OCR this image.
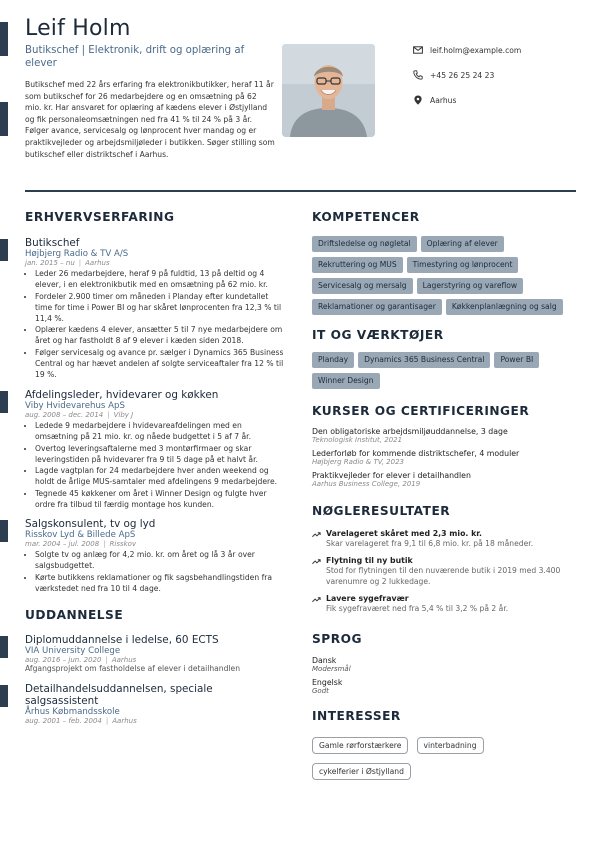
Leif Holm
Butikschef | Elektronik, drift og oplæring af elever
Butikschef med 22 års erfaring fra elektronikbutikker, heraf 11 år som butikschef for 26 medarbejdere og en omsætning på 62 mio. kr. Har ansvaret for oplæring af kædens elever i Østjylland og fik personaleomsætningen ned fra 41 % til 24 % på 3 år. Følger avance, servicesalg og lønprocent hver mandag og er praktikvejleder og arbejdsmiljøleder i butikken. Søger stilling som butikschef eller distriktschef i Aarhus.
leif.holm@example.com
+45 26 25 24 23
Aarhus
ERHVERVSERFARING
Butikschef
Højbjerg Radio & TV A/S
jan. 2015 – nu | Aarhus
• Leder 26 medarbejdere, heraf 9 på fuldtid, 13 på deltid og 4 elever, i en elektronikbutik med en omsætning på 62 mio. kr.
• Fordeler 2.900 timer om måneden i Planday efter kundetallet time for time i Power BI og har skåret lønprocenten fra 12,3 % til 11,4 %.
• Oplærer kædens 4 elever, ansætter 5 til 7 nye medarbejdere om året og har fastholdt 8 af 9 elever i kæden siden 2018.
• Følger servicesalg og avance pr. sælger i Dynamics 365 Business Central og har hævet andelen af solgte serviceaftaler fra 12 % til 19 %.
Afdelingsleder, hvidevarer og køkken
Viby Hvidevarehus ApS
aug. 2008 – dec. 2014 | Viby J
• Ledede 9 medarbejdere i hvidevareafdelingen med en omsætning på 21 mio. kr. og nåede budgettet i 5 af 7 år.
• Overtog leveringsaftalerne med 3 montørfirmaer og skar leveringstiden på hvidevarer fra 9 til 5 dage på et halvt år.
• Lagde vagtplan for 24 medarbejdere hver anden weekend og holdt de årlige MUS-samtaler med afdelingens 9 medarbejdere.
• Tegnede 45 køkkener om året i Winner Design og fulgte hver ordre fra tilbud til færdig montage hos kunden.
Salgskonsulent, tv og lyd
Risskov Lyd & Billede ApS
mar. 2004 – jul. 2008 | Risskov
• Solgte tv og anlæg for 4,2 mio. kr. om året og lå 3 år over salgsbudgettet.
• Kørte butikkens reklamationer og fik sagsbehandlingstiden fra værkstedet ned fra 10 til 4 dage.
UDDANNELSE
Diplomuddannelse i ledelse, 60 ECTS
VIA University College
aug. 2016 – jun. 2020 | Aarhus
Afgangsprojekt om fastholdelse af elever i detailhandlen
Detailhandelsuddannelsen, speciale salgsassistent
Århus Købmandsskole
aug. 2001 – feb. 2004 | Aarhus
KOMPETENCER
Driftsledelse og nøgletal	Oplæring af elever
Rekruttering og MUS	Timestyring og lønprocent
Servicesalg og mersalg	Lagerstyring og vareflow
Reklamationer og garantisager	Køkkenplanlægning og salg
IT OG VÆRKTØJER
Planday	Dynamics 365 Business Central	Power BI
Winner Design
KURSER OG CERTIFICERINGER
Den obligatoriske arbejdsmiljøuddannelse, 3 dage
Teknologisk Institut, 2021
Lederforløb for kommende distriktschefer, 4 moduler
Højbjerg Radio & TV, 2023
Praktikvejleder for elever i detailhandlen
Aarhus Business College, 2019
NØGLERESULTATER
Varelageret skåret med 2,3 mio. kr.
Skar varelageret fra 9,1 til 6,8 mio. kr. på 18 måneder.
Flytning til ny butik
Stod for flytningen til den nuværende butik i 2019 med 3.400 varenumre og 2 lukkedage.
Lavere sygefravær
Fik sygefraværet ned fra 5,4 % til 3,2 % på 2 år.
SPROG
Dansk
Modersmål
Engelsk
Godt
INTERESSER
Gamle rørforstærkere	vinterbadning cykelferier i Østjylland
